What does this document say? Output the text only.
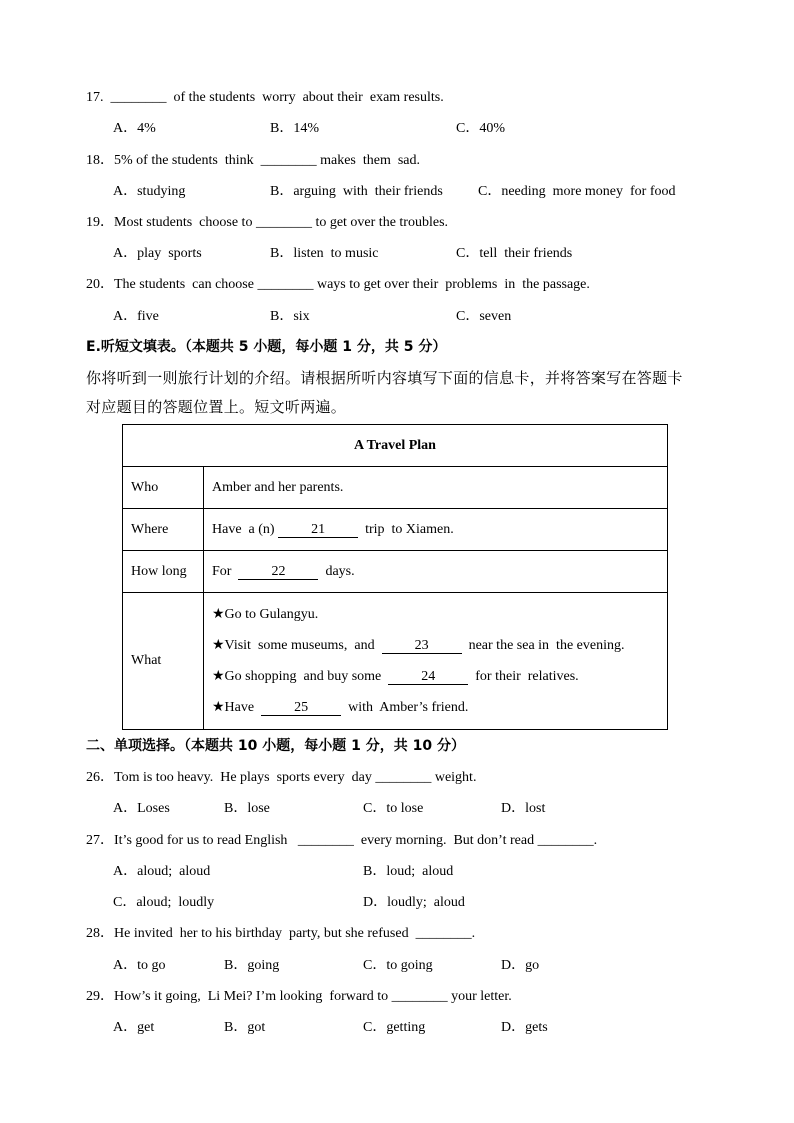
17.  ________  of the students  worry  about their  exam results.
A．4%	B．14%	C．40%
18．5% of the students  think  ________ makes  them  sad.
A．studying	B．arguing  with  their friends	C．needing  more money  for food
19．Most students  choose to ________ to get over the troubles.
A．play  sports	B．listen  to music	C．tell  their friends
20．The students  can choose ________ ways to get over their  problems  in  the passage.
A．five	B．six	C．seven
E.听短文填表。（本题共 5 小题，每小题 1 分，共 5 分）
你将听到一则旅行计划的介绍。请根据所听内容填写下面的信息卡，并将答案写在答题卡
对应题目的答题位置上。短文听两遍。
A Travel Plan	
Who	Amber and her parents.
Where	Have  a (n) 21  trip  to Xiamen.
How long	For  22  days.
What	★Go to Gulangyu.
★Visit  some museums,  and  23  near the sea in  the evening.
★Go shopping  and buy some  24  for their  relatives.
★Have  25  with  Amber’s friend.
二、单项选择。（本题共 10 小题，每小题 1 分，共 10 分）
26．Tom is too heavy.  He plays  sports every  day ________ weight.
A．Loses	B．lose	C．to lose	D．lost
27．It’s good for us to read English   ________  every morning.  But don’t read ________.
A．aloud;  aloud	B．loud;  aloud
C．aloud;  loudly	D．loudly;  aloud
28．He invited  her to his birthday  party, but she refused  ________.
A．to go	B．going	C．to going	D．go
29．How’s it going,  Li Mei? I’m looking  forward to ________ your letter.
A．get	B．got	C．getting	D．gets
